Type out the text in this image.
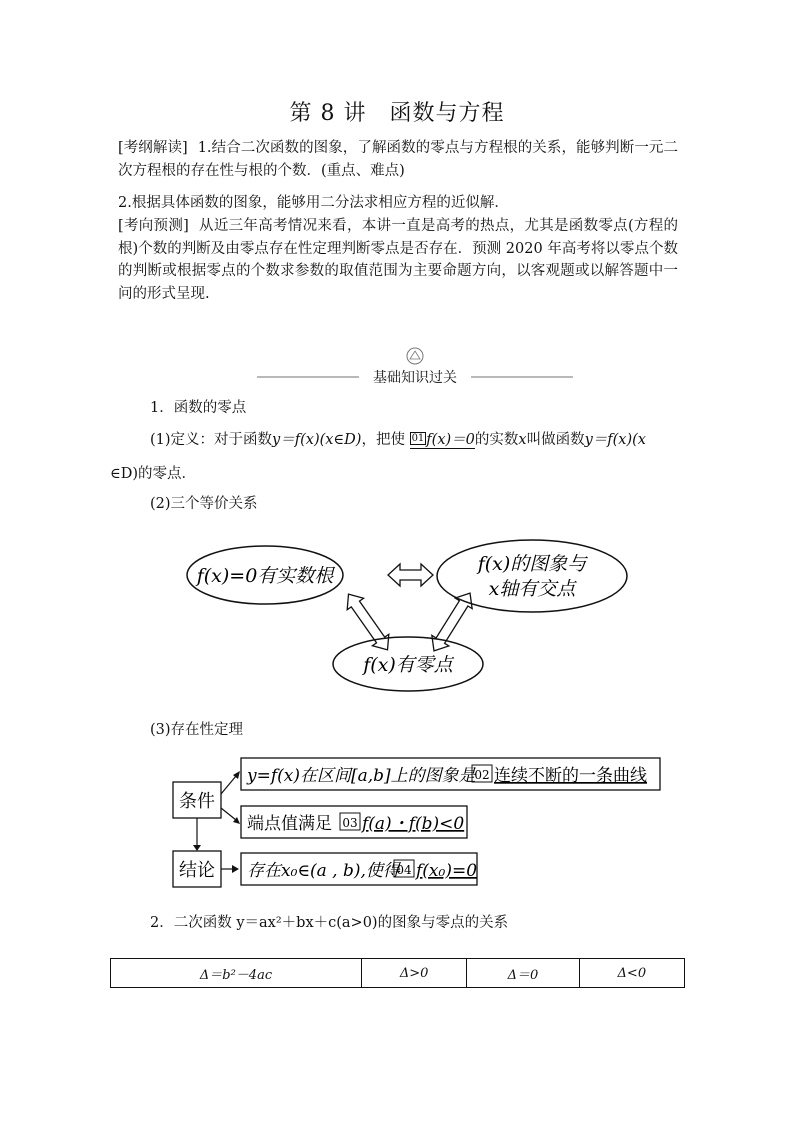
第 8 讲　函数与方程
[考纲解读] 1.结合二次函数的图象，了解函数的零点与方程根的关系，能够判断一元二次方程根的存在性与根的个数．(重点、难点)
2.根据具体函数的图象，能够用二分法求相应方程的近似解．
[考向预测] 从近三年高考情况来看，本讲一直是高考的热点，尤其是函数零点(方程的根)个数的判断及由零点存在性定理判断零点是否存在．预测 2020 年高考将以零点个数的判断或根据零点的个数求参数的取值范围为主要命题方向，以客观题或以解答题中一问的形式呈现.
基础知识过关
1．函数的零点
(1)定义：对于函数y＝f(x)(x∈D)，把使 01 f(x)＝0的实数x叫做函数y＝f(x)(x
∈D)的零点．
(2)三个等价关系
f(x)=0有实数根
f(x)的图象与
x轴有交点
f(x)有零点
(3)存在性定理
条件
结论
y=f(x)在区间[a,b]上的图象是
02 连续不断的一条曲线
端点值满足 03 f(a)・f(b)<0
存在x₀∈(a , b),使得
04 f(x₀)=0
2．二次函数 y＝ax²＋bx＋c(a>0)的图象与零点的关系
Δ＝b²－4ac	Δ>0	Δ＝0	Δ<0
